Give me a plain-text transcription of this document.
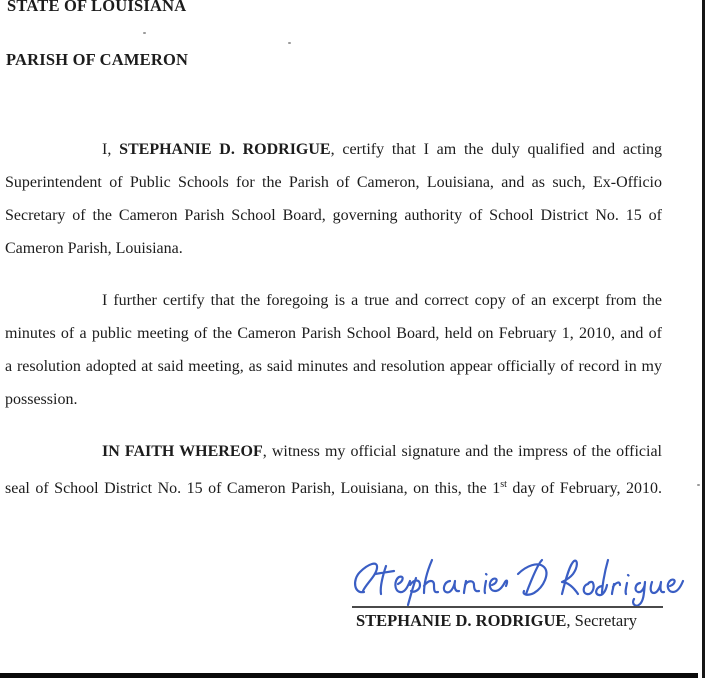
STATE OF LOUISIANA
PARISH OF CAMERON
I, STEPHANIE D. RODRIGUE, certify that I am the duly qualified and acting
Superintendent of Public Schools for the Parish of Cameron, Louisiana, and as such, Ex-Officio
Secretary of the Cameron Parish School Board, governing authority of School District No. 15 of
Cameron Parish, Louisiana.
I further certify that the foregoing is a true and correct copy of an excerpt from the
minutes of a public meeting of the Cameron Parish School Board, held on February 1, 2010, and of
a resolution adopted at said meeting, as said minutes and resolution appear officially of record in my
possession.
IN FAITH WHEREOF, witness my official signature and the impress of the official
seal of School District No. 15 of Cameron Parish, Louisiana, on this, the 1st day of February, 2010.
STEPHANIE D. RODRIGUE, Secretary
